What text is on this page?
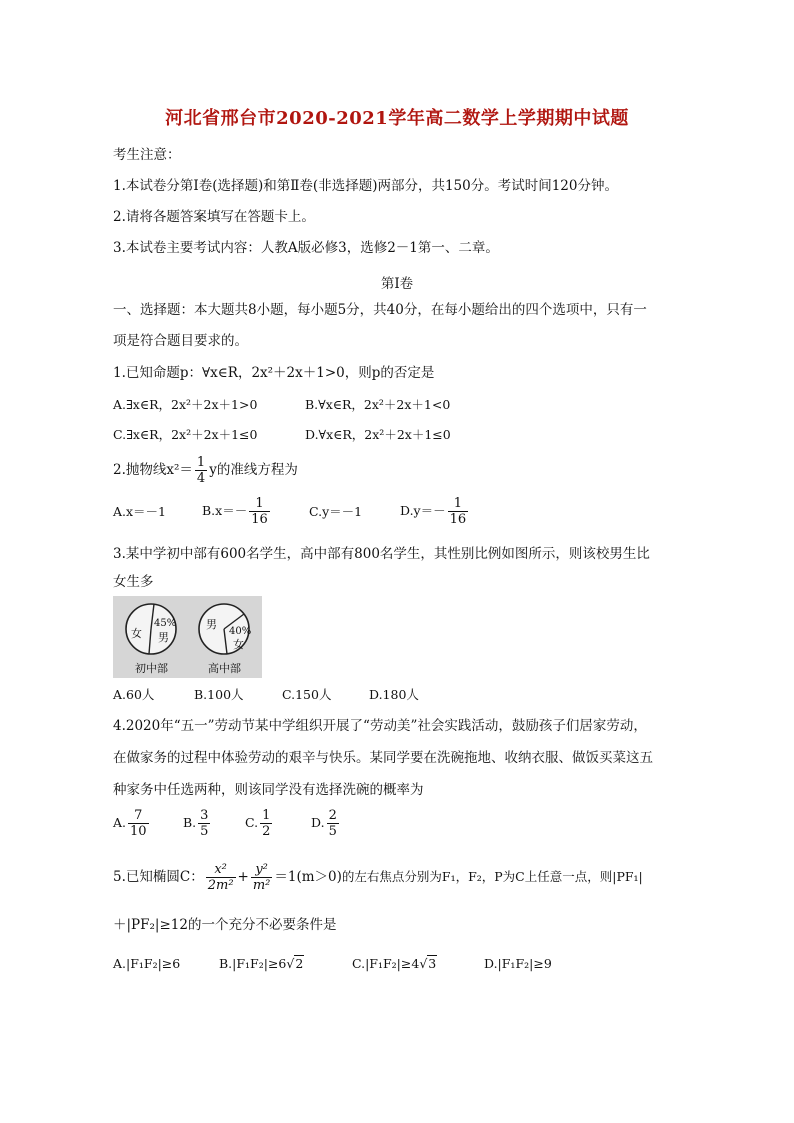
河北省邢台市2020-2021学年高二数学上学期期中试题
考生注意：
1.本试卷分第Ⅰ卷(选择题)和第Ⅱ卷(非选择题)两部分，共150分。考试时间120分钟。
2.请将各题答案填写在答题卡上。
3.本试卷主要考试内容：人教A版必修3，选修2－1第一、二章。
第Ⅰ卷
一、选择题：本大题共8小题，每小题5分，共40分，在每小题给出的四个选项中，只有一
项是符合题目要求的。
1.已知命题p：∀x∈R，2x²＋2x＋1>0，则p的否定是
A.∃x∈R，2x²＋2x＋1>0	B.∀x∈R，2x²＋2x＋1<0
C.∃x∈R，2x²＋2x＋1≤0	D.∀x∈R，2x²＋2x＋1≤0
2.抛物线$x^2= \frac{1}{4}$ y的准线方程为
A.x＝－1	$B.x=- \frac{1}{16}$	C.y＝－1	$D.y=- \frac{1}{16}$
3.某中学初中部有600名学生，高中部有800名学生，其性别比例如图所示，则该校男生比
女生多
女
45%
男
初中部
男
40%
女
高中部
A.60人	B.100人	C.150人	D.180人
4.2020年“五一”劳动节某中学组织开展了“劳动美”社会实践活动，鼓励孩子们居家劳动，
在做家务的过程中体验劳动的艰辛与快乐。某同学要在洗碗拖地、收纳衣服、做饭买菜这五
种家务中任选两种，则该同学没有选择洗碗的概率为
A. $\frac{7}{10}$	B. $\frac{3}{5}$	C. $\frac{1}{2}$	D. $\frac{2}{5}$
5.已知椭圆C： $\frac{\text{x²}}{\text{2m²}} + \frac{\text{y²}}{\text{m²}} =1(m>0)$的左右焦点分别为F₁，F₂，P为C上任意一点，则|PF₁|
＋|PF₂|≥12的一个充分不必要条件是
A.|F₁F₂|≥6	B.|F₁F₂|≥6√2	C.|F₁F₂|≥4√3	D.|F₁F₂|≥9
